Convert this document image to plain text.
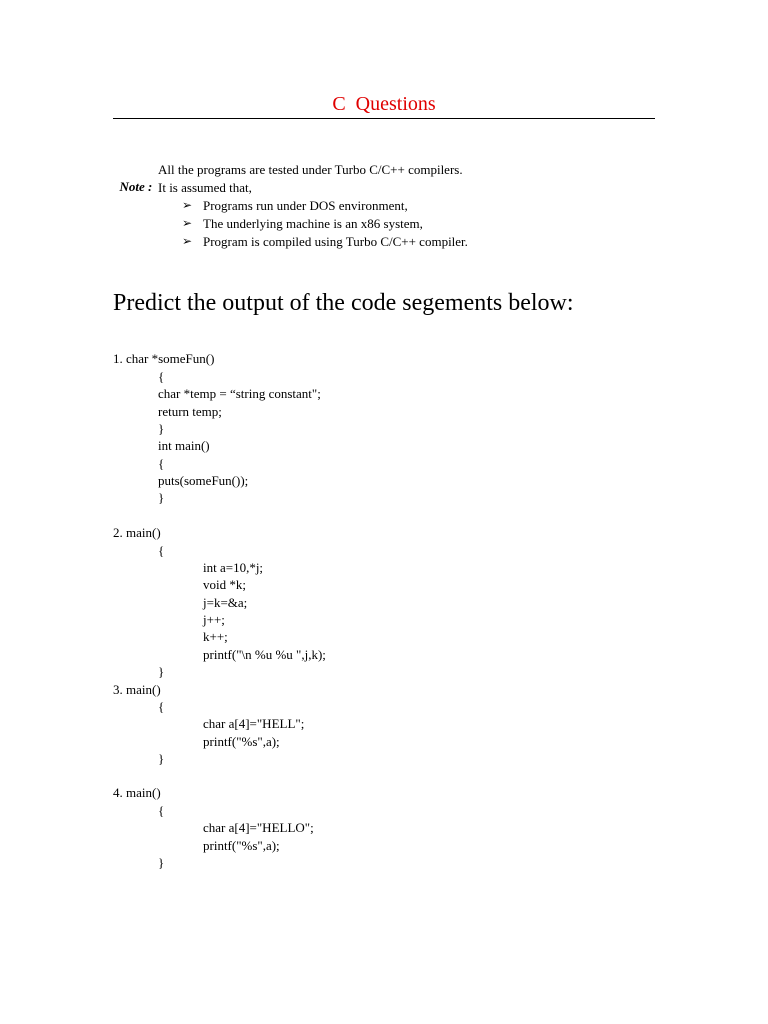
C  Questions

Note :

All the programs are tested under Turbo C/C++ compilers.
It is assumed that,
➢ Programs run under DOS environment,
➢ The underlying machine is an x86 system,
➢ Program is compiled using Turbo C/C++ compiler.
Predict the output of the code segements below:
1. char *someFun()
{
char *temp = “string constant";
return temp;
}
int main()
{
puts(someFun());
}
2. main()
{
int a=10,*j;
void *k;
j=k=&a;
j++;
k++;
printf("\n %u %u ",j,k);
}
3. main()
{
char a[4]="HELL";
printf("%s",a);
}
4. main()
{
char a[4]="HELLO";
printf("%s",a);
}
